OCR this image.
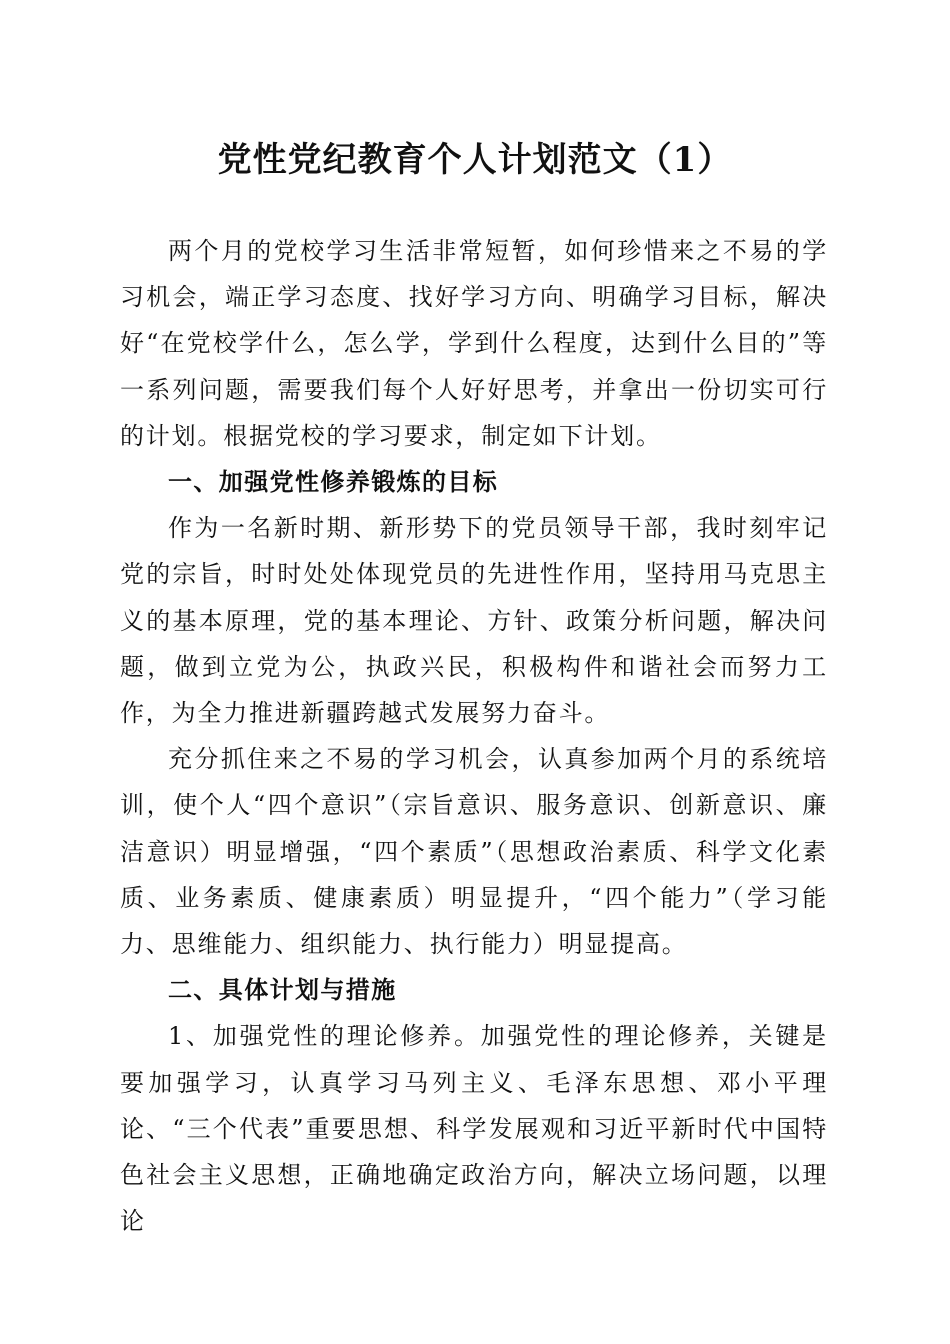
党性党纪教育个人计划范文（1）

两个月的党校学习生活非常短暂，如何珍惜来之不易的学习机会，端正学习态度、找好学习方向、明确学习目标，解决好“在党校学什么，怎么学，学到什么程度，达到什么目的”等一系列问题，需要我们每个人好好思考，并拿出一份切实可行的计划。根据党校的学习要求，制定如下计划。

一、加强党性修养锻炼的目标

作为一名新时期、新形势下的党员领导干部，我时刻牢记党的宗旨，时时处处体现党员的先进性作用，坚持用马克思主义的基本原理，党的基本理论、方针、政策分析问题，解决问题，做到立党为公，执政兴民，积极构件和谐社会而努力工作，为全力推进新疆跨越式发展努力奋斗。

充分抓住来之不易的学习机会，认真参加两个月的系统培训，使个人“四个意识”（宗旨意识、服务意识、创新意识、廉洁意识）明显增强，“四个素质”（思想政治素质、科学文化素质、业务素质、健康素质）明显提升，“四个能力”（学习能力、思维能力、组织能力、执行能力）明显提高。

二、具体计划与措施

1、加强党性的理论修养。加强党性的理论修养，关键是要加强学习，认真学习马列主义、毛泽东思想、邓小平理论、“三个代表”重要思想、科学发展观和习近平新时代中国特色社会主义思想，正确地确定政治方向，解决立场问题，以理论
